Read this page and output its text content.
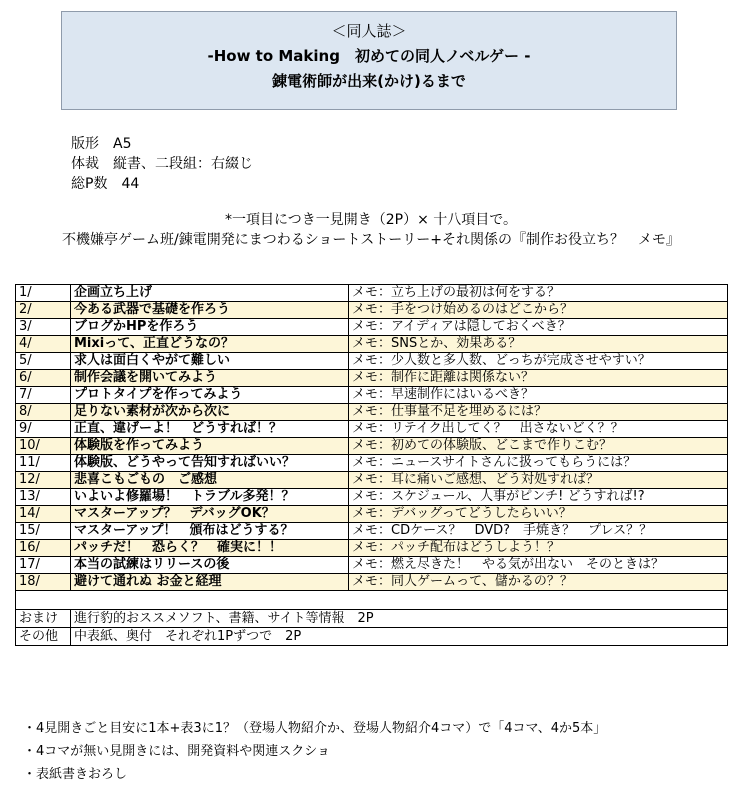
＜同人誌＞
-How to Making　初めての同人ノベルゲー -
錬電術師が出来(かけ)るまで
版形　A5
体裁　縦書、二段組：右綴じ
総P数　44
*一項目につき一見開き（2P）× 十八項目で。
不機嫌亭ゲーム班/錬電開発にまつわるショートストーリー+それ関係の『制作お役立ち？　メモ』
1/	企画立ち上げ	メモ：立ち上げの最初は何をする？
2/	今ある武器で基礎を作ろう	メモ：手をつけ始めるのはどこから？
3/	ブログかHPを作ろう	メモ：アイディアは隠しておくべき？
4/	Mixiって、正直どうなの？	メモ：SNSとか、効果ある？
5/	求人は面白くやがて難しい	メモ：少人数と多人数、どっちが完成させやすい？
6/	制作会議を開いてみよう	メモ：制作に距離は関係ない？
7/	プロトタイプを作ってみよう	メモ：早速制作にはいるべき？
8/	足りない素材が次から次に	メモ：仕事量不足を埋めるには？
9/	正直、違げーよ！　どうすれば！？	メモ：リテイク出してく？　出さないどく？？
10/	体験版を作ってみよう	メモ：初めての体験版、どこまで作りこむ？
11/	体験版、どうやって告知すればいい？	メモ：ニュースサイトさんに扱ってもらうには？
12/	悲喜こもごもの　ご感想	メモ：耳に痛いご感想、どう対処すれば？
13/	いよいよ修羅場！　トラブル多発！？	メモ：スケジュール、人事がピンチ! どうすれば!?
14/	マスターアップ？　デバッグOK？	メモ：デバッグってどうしたらいい？
15/	マスターアップ！　頒布はどうする？	メモ：CDケース？　DVD?　手焼き？　プレス？？
16/	パッチだ！　恐らく？　確実に！！	メモ：パッチ配布はどうしよう！？
17/	本当の試練はリリースの後	メモ：燃え尽きた！　やる気が出ない　そのときは？
18/	避けて通れぬ お金と経理	メモ：同人ゲームって、儲かるの？？

おまけ	進行豹的おススメソフト、書籍、サイト等情報　2P	
その他	中表紙、奥付　それぞれ1Pずつで　2P	
・4見開きごと目安に1本+表3に1？（登場人物紹介か、登場人物紹介4コマ）で「4コマ、4か5本」
・4コマが無い見開きには、開発資料や関連スクショ
・表紙書きおろし
